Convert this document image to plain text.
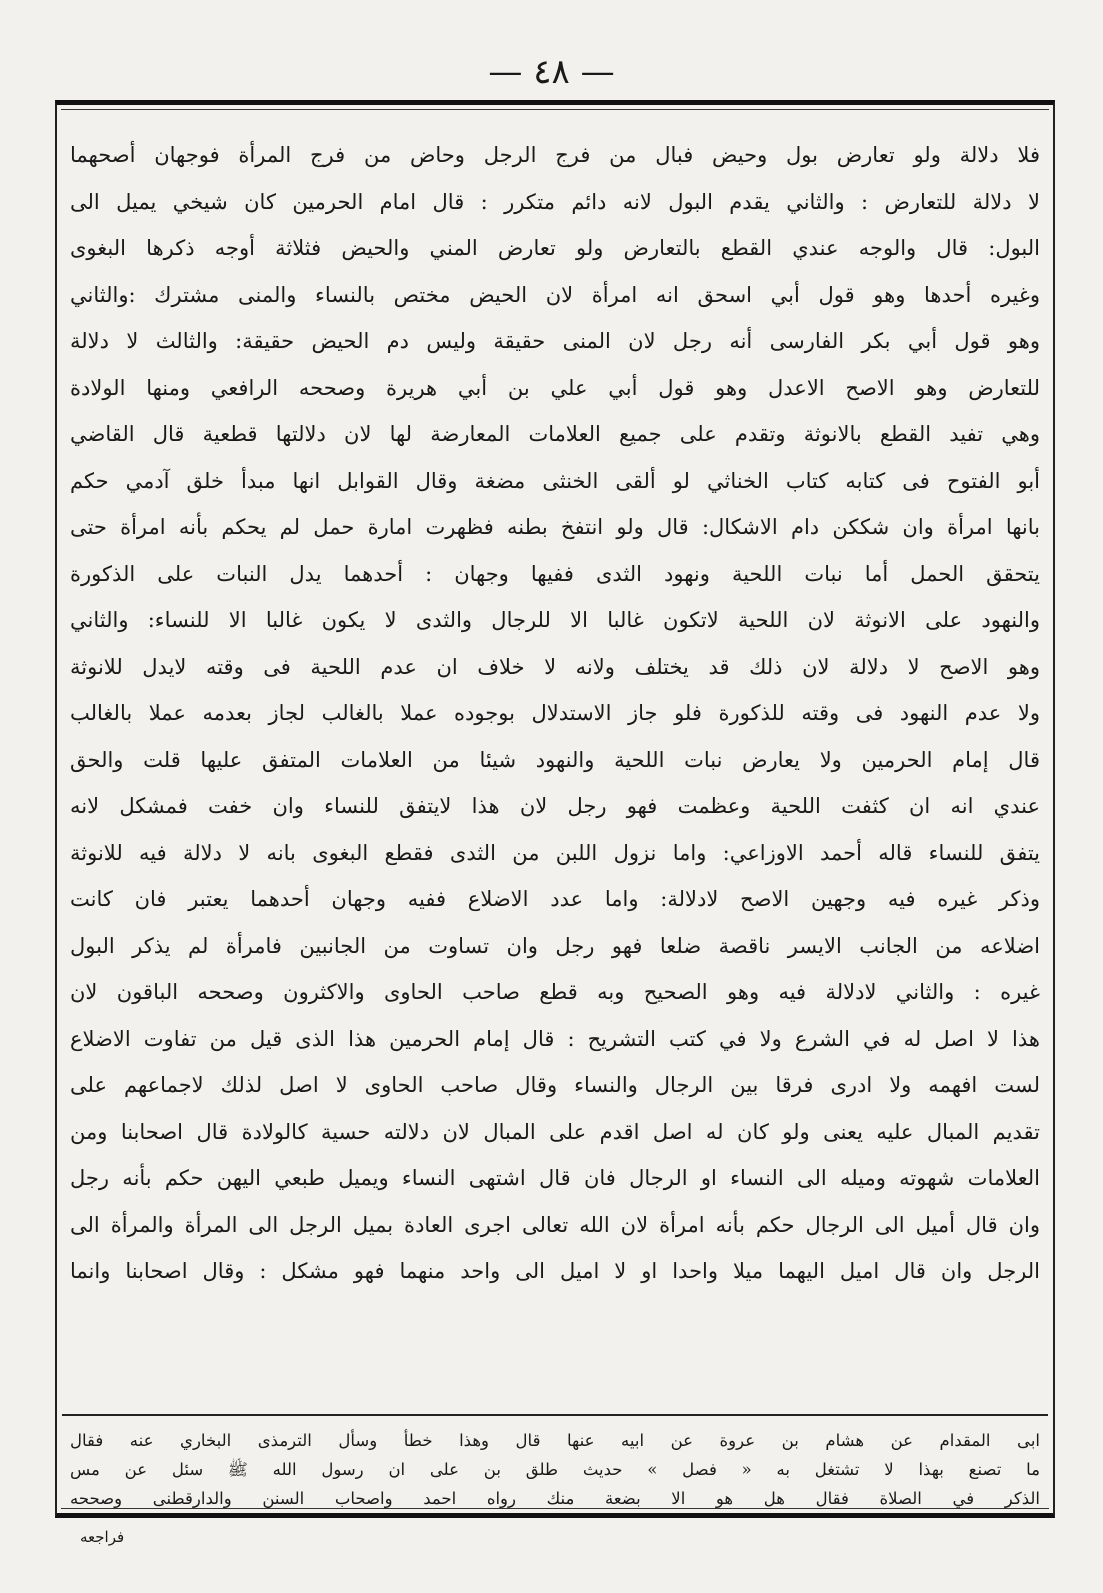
— ٤٨ —
فلا دلالة ولو تعارض بول وحيض فبال من فرج الرجل وحاض من فرج المرأة فوجهان أصحهما
لا دلالة للتعارض : والثاني يقدم البول لانه دائم متكرر : قال امام الحرمين كان شيخي يميل الى
البول: قال والوجه عندي القطع بالتعارض ولو تعارض المني والحيض فثلاثة أوجه ذكرها البغوى
وغيره أحدها وهو قول أبي اسحق انه امرأة لان الحيض مختص بالنساء والمنى مشترك :والثاني
وهو قول أبي بكر الفارسى أنه رجل لان المنى حقيقة وليس دم الحيض حقيقة: والثالث لا دلالة
للتعارض وهو الاصح الاعدل وهو قول أبي علي بن أبي هريرة وصححه الرافعي ومنها الولادة
وهي تفيد القطع بالانوثة وتقدم على جميع العلامات المعارضة لها لان دلالتها قطعية قال القاضي
أبو الفتوح فى كتابه كتاب الخناثي لو ألقى الخنثى مضغة وقال القوابل انها مبدأ خلق آدمي حكم
بانها امرأة وان شككن دام الاشكال: قال ولو انتفخ بطنه فظهرت امارة حمل لم يحكم بأنه امرأة حتى
يتحقق الحمل أما نبات اللحية ونهود الثدى ففيها وجهان : أحدهما يدل النبات على الذكورة
والنهود على الانوثة لان اللحية لاتكون غالبا الا للرجال والثدى لا يكون غالبا الا للنساء: والثاني
وهو الاصح لا دلالة لان ذلك قد يختلف ولانه لا خلاف ان عدم اللحية فى وقته لايدل للانوثة
ولا عدم النهود فى وقته للذكورة فلو جاز الاستدلال بوجوده عملا بالغالب لجاز بعدمه عملا بالغالب
قال إمام الحرمين ولا يعارض نبات اللحية والنهود شيئا من العلامات المتفق عليها قلت والحق
عندي انه ان كثفت اللحية وعظمت فهو رجل لان هذا لايتفق للنساء وان خفت فمشكل لانه
يتفق للنساء قاله أحمد الاوزاعي: واما نزول اللبن من الثدى فقطع البغوى بانه لا دلالة فيه للانوثة
وذكر غيره فيه وجهين الاصح لادلالة: واما عدد الاضلاع ففيه وجهان أحدهما يعتبر فان كانت
اضلاعه من الجانب الايسر ناقصة ضلعا فهو رجل وان تساوت من الجانبين فامرأة لم يذكر البول
غيره : والثاني لادلالة فيه وهو الصحيح وبه قطع صاحب الحاوى والاكثرون وصححه الباقون لان
هذا لا اصل له في الشرع ولا في كتب التشريح : قال إمام الحرمين هذا الذى قيل من تفاوت الاضلاع
لست افهمه ولا ادرى فرقا بين الرجال والنساء وقال صاحب الحاوى لا اصل لذلك لاجماعهم على
تقديم المبال عليه يعنى ولو كان له اصل اقدم على المبال لان دلالته حسية كالولادة قال اصحابنا ومن
العلامات شهوته وميله الى النساء او الرجال فان قال اشتهى النساء ويميل طبعي اليهن حكم بأنه رجل
وان قال أميل الى الرجال حكم بأنه امرأة لان الله تعالى اجرى العادة بميل الرجل الى المرأة والمرأة الى
الرجل وان قال اميل اليهما ميلا واحدا او لا اميل الى واحد منهما فهو مشكل : وقال اصحابنا وانما
ابى المقدام عن هشام بن عروة عن ابيه عنها قال وهذا خطأ وسأل الترمذى البخاري عنه فقال
ما تصنع بهذا لا تشتغل به « فصل » حديث طلق بن على ان رسول الله ﷺ سئل عن مس
الذكر في الصلاة فقال هل هو الا بضعة منك رواه احمد واصحاب السنن والدارقطنى وصححه
فراجعه
